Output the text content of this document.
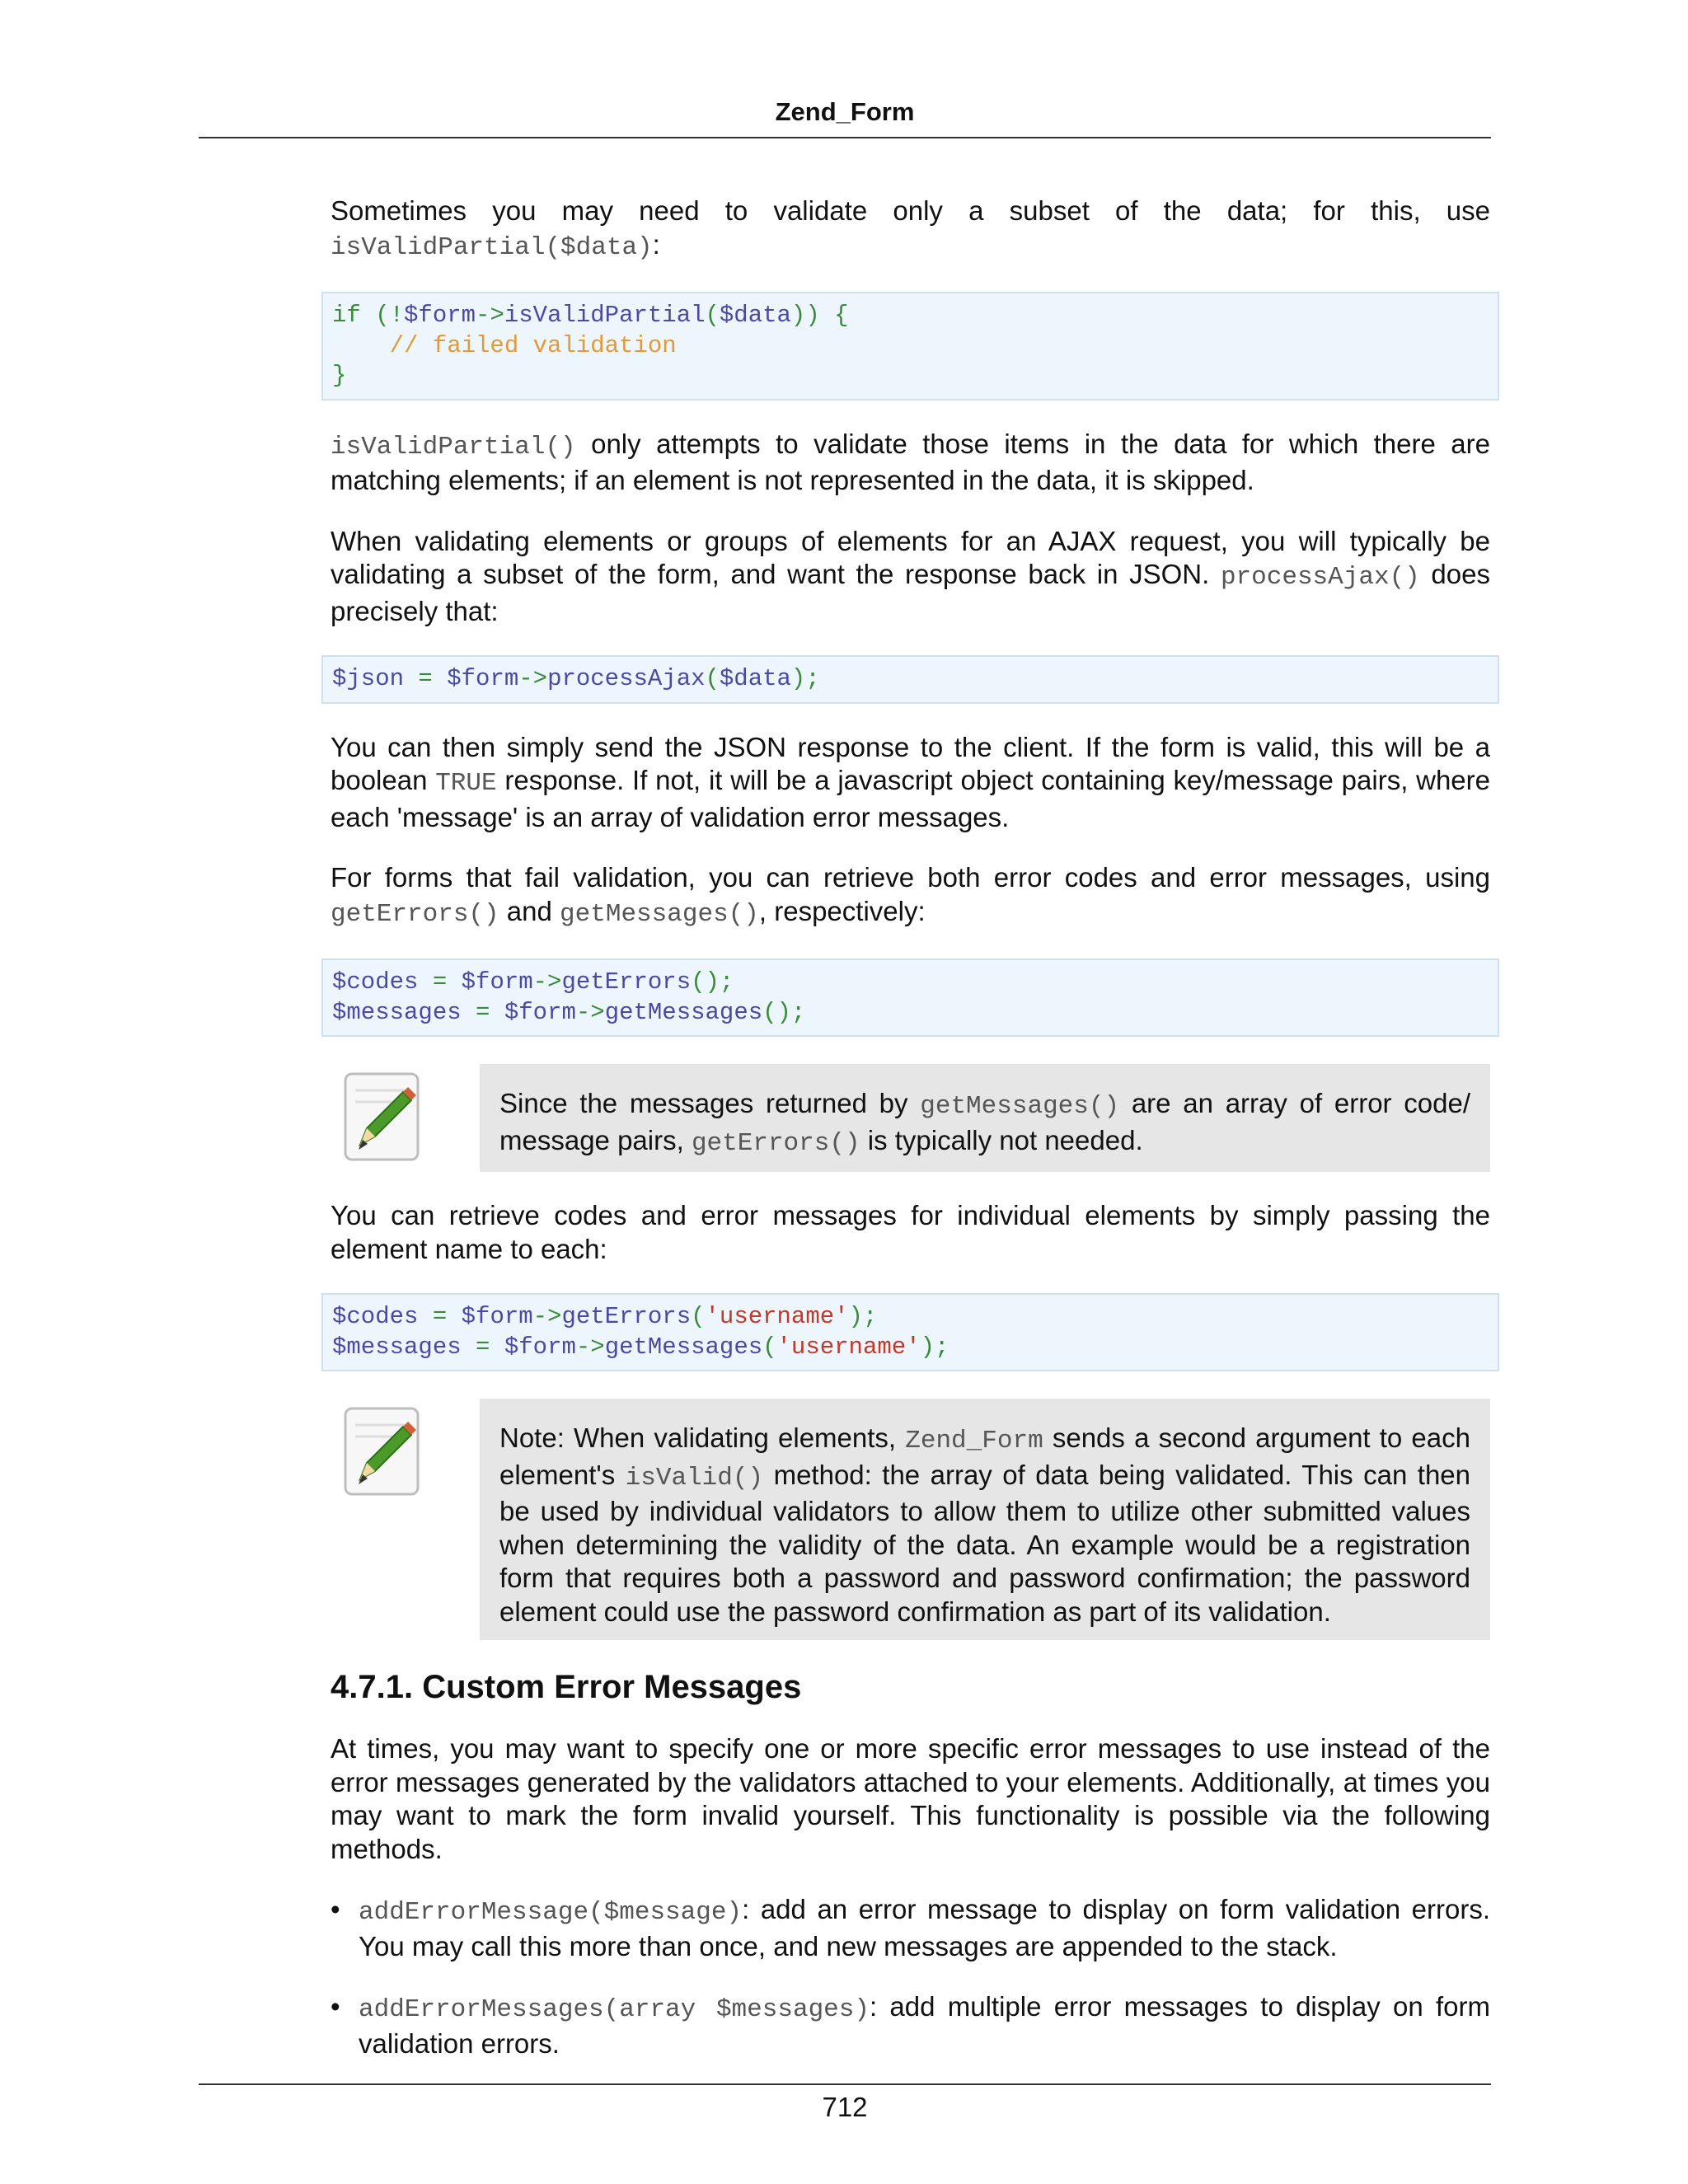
Zend_Form

Sometimes you may need to validate only a subset of the data; for this, use isValidPartial($data):

if (!$form->isValidPartial($data)) {
// failed validation
}

isValidPartial() only attempts to validate those items in the data for which there are matching elements; if an element is not represented in the data, it is skipped.

When validating elements or groups of elements for an AJAX request, you will typically be validating a subset of the form, and want the response back in JSON. processAjax() does precisely that:

$json = $form->processAjax($data);

You can then simply send the JSON response to the client. If the form is valid, this will be a boolean TRUE response. If not, it will be a javascript object containing key/message pairs, where each 'message' is an array of validation error messages.

For forms that fail validation, you can retrieve both error codes and error messages, using getErrors() and getMessages(), respectively:

$codes = $form->getErrors();
$messages = $form->getMessages();
Since the messages returned by getMessages() are an array of error code/ message pairs, getErrors() is typically not needed.

You can retrieve codes and error messages for individual elements by simply passing the element name to each:

$codes = $form->getErrors('username');
$messages = $form->getMessages('username');
Note: When validating elements, Zend_Form sends a second argument to each element's isValid() method: the array of data being validated. This can then be used by individual validators to allow them to utilize other submitted values when determining the validity of the data. An example would be a registration form that requires both a password and password confirmation; the password element could use the password confirmation as part of its validation.
4.7.1. Custom Error Messages

At times, you may want to specify one or more specific error messages to use instead of the error messages generated by the validators attached to your elements. Additionally, at times you may want to mark the form invalid yourself. This functionality is possible via the following methods.

• addErrorMessage($message): add an error message to display on form validation errors. You may call this more than once, and new messages are appended to the stack.
• addErrorMessages(array $messages): add multiple error messages to display on form validation errors.
712
